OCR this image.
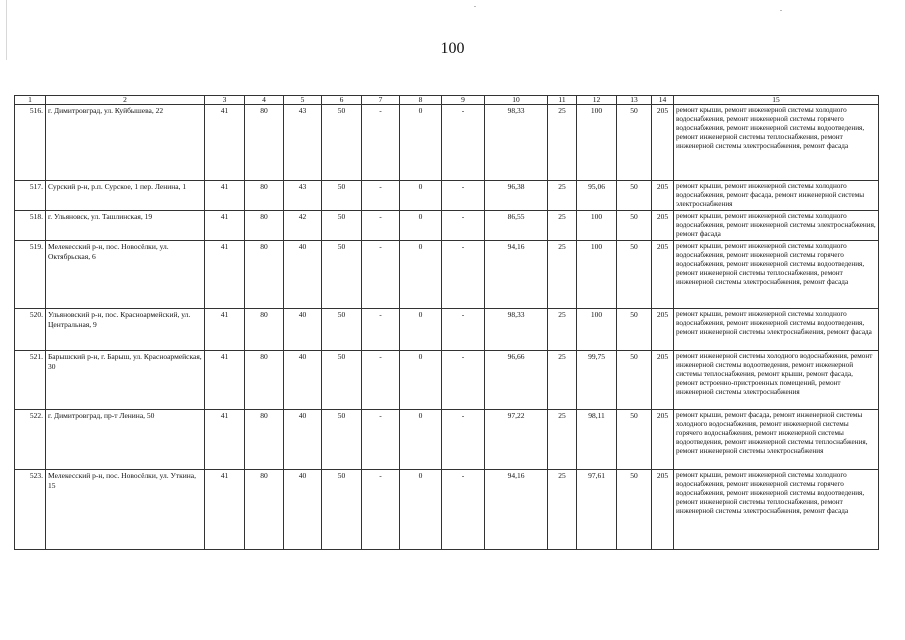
100
1	2	3	4	5	6	7	8	9	10	11	12	13	14	15
516.	г. Димитровград, ул. Куйбышева, 22	41	80	43	50	-	0	-	98,33	25	100	50	205	ремонт крыши, ремонт инженерной системы холодного водоснабжения, ремонт инженерной системы горячего водоснабжения, ремонт инженерной системы водоотведения, ремонт инженерной системы теплоснабжения, ремонт инженерной системы электроснабжения, ремонт фасада
517.	Сурский р-н, р.п. Сурское, 1 пер. Ленина, 1	41	80	43	50	-	0	-	96,38	25	95,06	50	205	ремонт крыши, ремонт инженерной системы холодного водоснабжения, ремонт фасада, ремонт инженерной системы электроснабжения
518.	г. Ульяновск, ул. Ташлинская, 19	41	80	42	50	-	0	-	86,55	25	100	50	205	ремонт крыши, ремонт инженерной системы холодного водоснабжения, ремонт инженерной системы электроснабжения, ремонт фасада
519.	Мелекесский р-н, пос. Новосёлки, ул. Октябрьская, 6	41	80	40	50	-	0	-	94,16	25	100	50	205	ремонт крыши, ремонт инженерной системы холодного водоснабжения, ремонт инженерной системы горячего водоснабжения, ремонт инженерной системы водоотведения, ремонт инженерной системы теплоснабжения, ремонт инженерной системы электроснабжения, ремонт фасада
520.	Ульяновский р-н, пос. Красноармейский, ул. Центральная, 9	41	80	40	50	-	0	-	98,33	25	100	50	205	ремонт крыши, ремонт инженерной системы холодного водоснабжения, ремонт инженерной системы водоотведения, ремонт инженерной системы электроснабжения, ремонт фасада
521.	Барышский р-н, г. Барыш, ул. Красноармейская, 30	41	80	40	50	-	0	-	96,66	25	99,75	50	205	ремонт инженерной системы холодного водоснабжения, ремонт инженерной системы водоотведения, ремонт инженерной системы теплоснабжения, ремонт крыши, ремонт фасада, ремонт встроенно-пристроенных помещений, ремонт инженерной системы электроснабжения
522.	г. Димитровград, пр-т Ленина, 50	41	80	40	50	-	0	-	97,22	25	98,11	50	205	ремонт крыши, ремонт фасада, ремонт инженерной системы холодного водоснабжения, ремонт инженерной системы горячего водоснабжения, ремонт инженерной системы водоотведения, ремонт инженерной системы теплоснабжения, ремонт инженерной системы электроснабжения
523.	Мелекесский р-н, пос. Новосёлки, ул. Уткина, 15	41	80	40	50	-	0	-	94,16	25	97,61	50	205	ремонт крыши, ремонт инженерной системы холодного водоснабжения, ремонт инженерной системы горячего водоснабжения, ремонт инженерной системы водоотведения, ремонт инженерной системы теплоснабжения, ремонт инженерной системы электроснабжения, ремонт фасада
